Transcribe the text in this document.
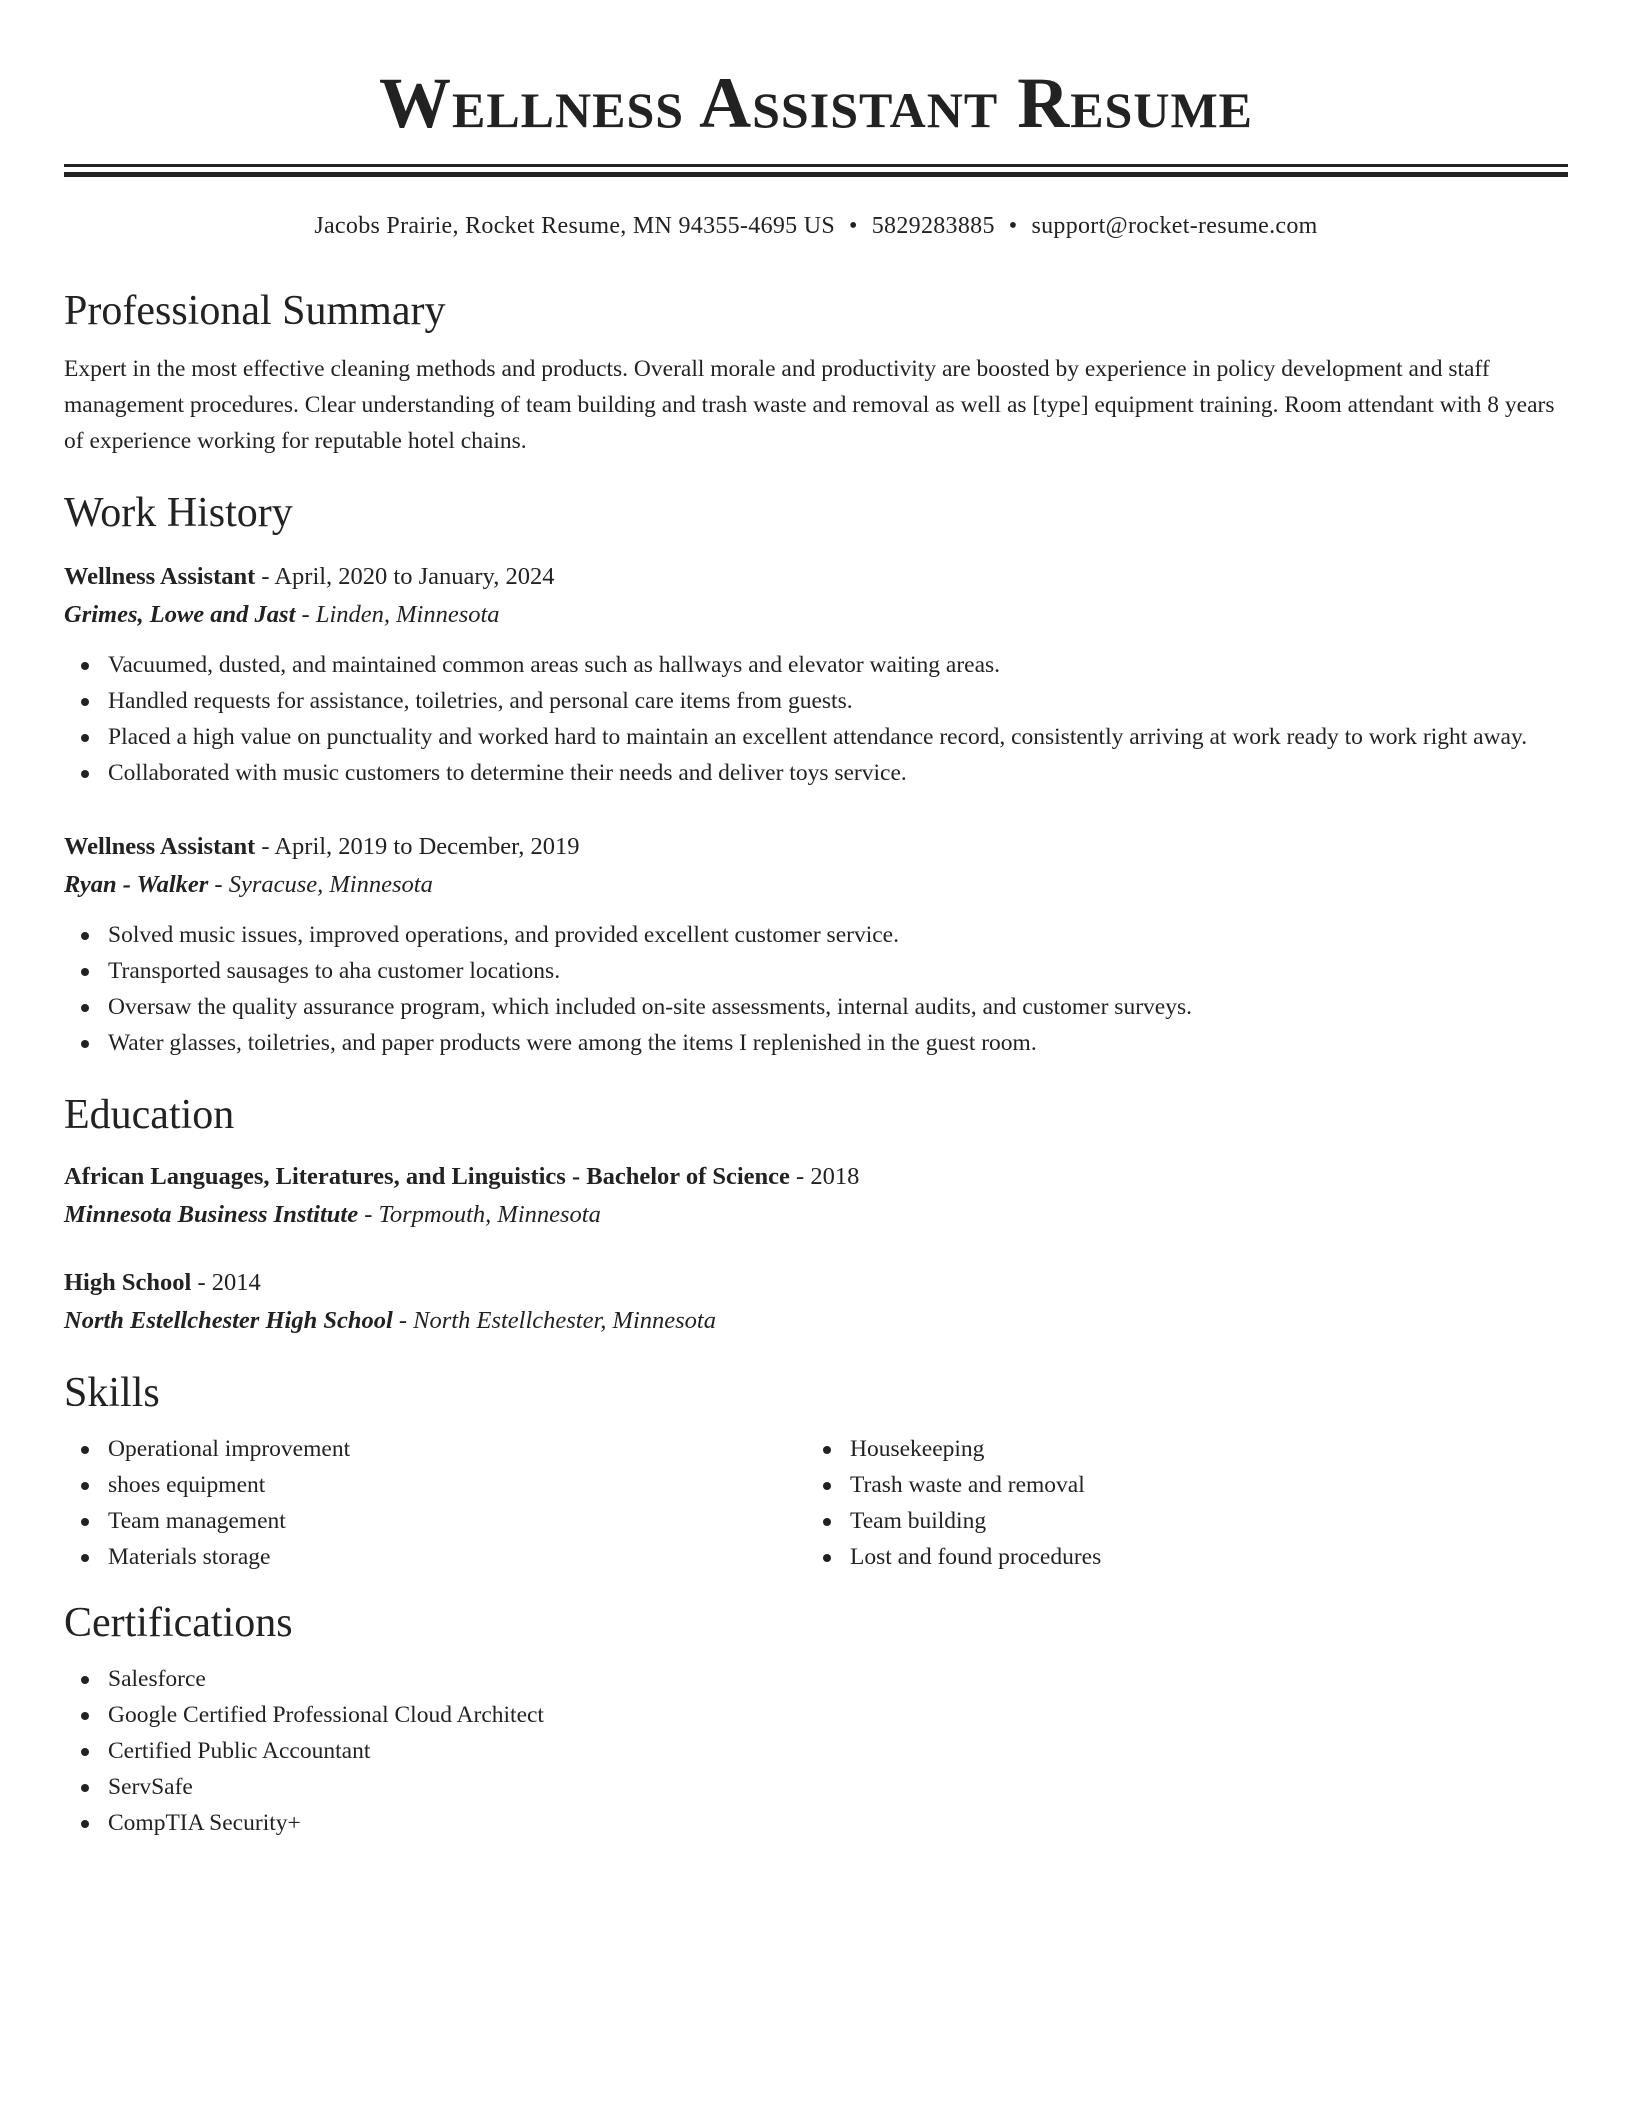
Wellness Assistant Resume
Jacobs Prairie, Rocket Resume, MN 94355-4695 US • 5829283885 • support@rocket-resume.com
Professional Summary

Expert in the most effective cleaning methods and products. Overall morale and productivity are boosted by experience in policy development and staff management procedures. Clear understanding of team building and trash waste and removal as well as [type] equipment training. Room attendant with 8 years of experience working for reputable hotel chains.

Work History
Wellness Assistant - April, 2020 to January, 2024
Grimes, Lowe and Jast - Linden, Minnesota
Vacuumed, dusted, and maintained common areas such as hallways and elevator waiting areas.
Handled requests for assistance, toiletries, and personal care items from guests.
Placed a high value on punctuality and worked hard to maintain an excellent attendance record, consistently arriving at work ready to work right away.
Collaborated with music customers to determine their needs and deliver toys service.
Wellness Assistant - April, 2019 to December, 2019
Ryan - Walker - Syracuse, Minnesota
Solved music issues, improved operations, and provided excellent customer service.
Transported sausages to aha customer locations.
Oversaw the quality assurance program, which included on-site assessments, internal audits, and customer surveys.
Water glasses, toiletries, and paper products were among the items I replenished in the guest room.
Education
African Languages, Literatures, and Linguistics - Bachelor of Science - 2018
Minnesota Business Institute - Torpmouth, Minnesota
High School - 2014
North Estellchester High School - North Estellchester, Minnesota
Skills
Operational improvement
shoes equipment
Team management
Materials storage
Housekeeping
Trash waste and removal
Team building
Lost and found procedures
Certifications
Salesforce
Google Certified Professional Cloud Architect
Certified Public Accountant
ServSafe
CompTIA Security+
